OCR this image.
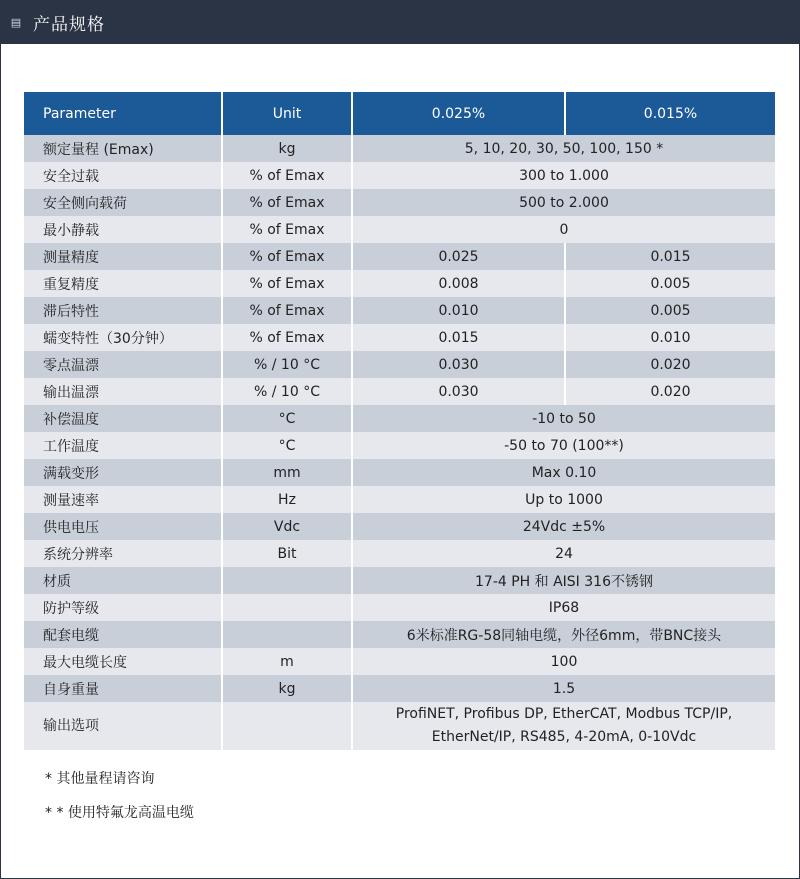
▤ 产品规格
Parameter	Unit	0.025%	0.015%
额定量程 (Emax)	kg	5, 10, 20, 30, 50, 100, 150 *	

安全过载	% of Emax	300 to 1.000	

安全侧向载荷	% of Emax	500 to 2.000	

最小静载	% of Emax	0	

测量精度	% of Emax	0.025	0.015
重复精度	% of Emax	0.008	0.005
滞后特性	% of Emax	0.010	0.005
蠕变特性（30分钟）	% of Emax	0.015	0.010
零点温漂	% / 10 °C	0.030	0.020
输出温漂	% / 10 °C	0.030	0.020
补偿温度	°C	-10 to 50	

工作温度	°C	-50 to 70 (100**)	

满载变形	mm	Max 0.10	

测量速率	Hz	Up to 1000	

供电电压	Vdc	24Vdc ±5%	

系统分辨率	Bit	24	

材质		17-4 PH 和 AISI 316不锈钢	

防护等级		IP68	

配套电缆		6米标准RG-58同轴电缆，外径6mm，带BNC接头	

最大电缆长度	m	100	

自身重量	kg	1.5	

输出选项		ProfiNET, Profibus DP, EtherCAT, Modbus TCP/IP,
EtherNet/IP, RS485, 4-20mA, 0-10Vdc	
* 其他量程请咨询
* * 使用特氟龙高温电缆
